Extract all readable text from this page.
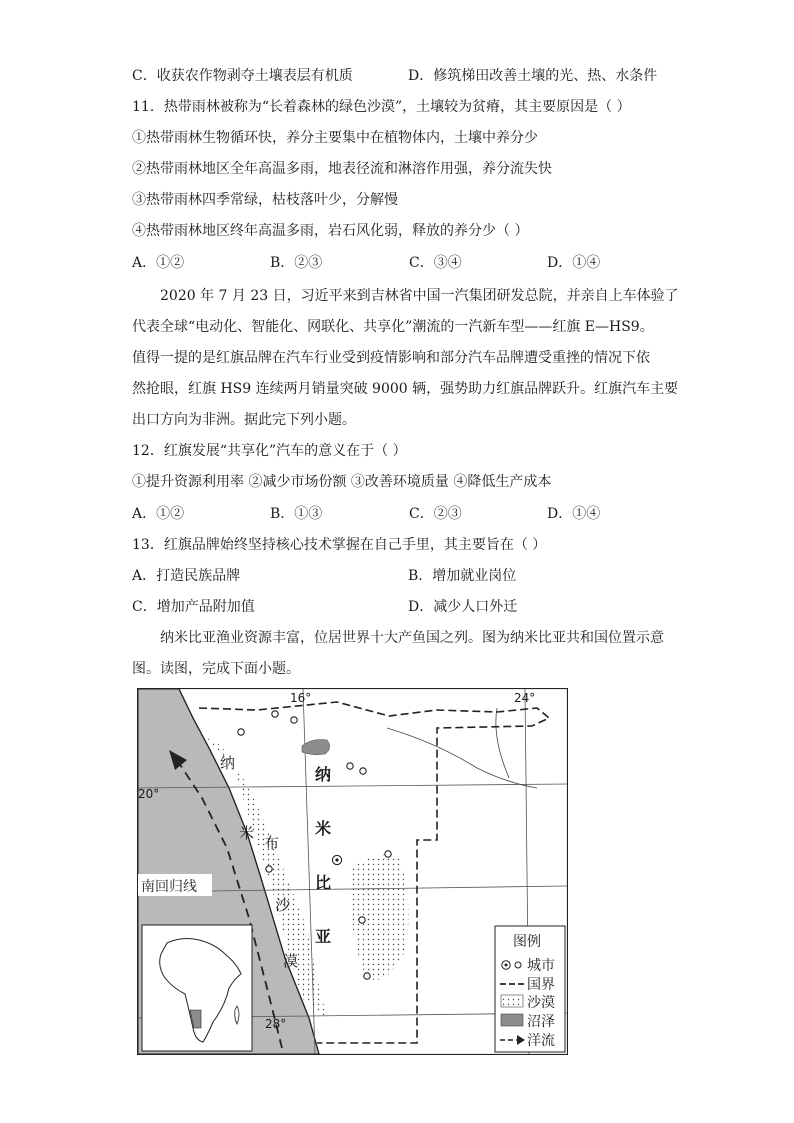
C．收获农作物剥夺土壤表层有机质	D．修筑梯田改善土壤的光、热、水条件
11．热带雨林被称为“长着森林的绿色沙漠”，土壤较为贫瘠，其主要原因是（ ）
①热带雨林生物循环快，养分主要集中在植物体内，土壤中养分少
②热带雨林地区全年高温多雨，地表径流和淋溶作用强，养分流失快
③热带雨林四季常绿，枯枝落叶少，分解慢
④热带雨林地区终年高温多雨，岩石风化弱，释放的养分少（ ）
A．①②	B．②③	C．③④	D．①④
2020 年 7 月 23 日，习近平来到吉林省中国一汽集团研发总院，并亲自上车体验了
代表全球“电动化、智能化、网联化、共享化”潮流的一汽新车型——红旗 E—HS9。
值得一提的是红旗品牌在汽车行业受到疫情影响和部分汽车品牌遭受重挫的情况下依
然抢眼，红旗 HS9 连续两月销量突破 9000 辆，强势助力红旗品牌跃升。红旗汽车主要
出口方向为非洲。据此完下列小题。
12．红旗发展“共享化”汽车的意义在于（ ）
①提升资源利用率 ②减少市场份额 ③改善环境质量 ④降低生产成本
A．①②	B．①③	C．②③	D．①④
13．红旗品牌始终坚持核心技术掌握在自己手里，其主要旨在（ ）
A．打造民族品牌	B．增加就业岗位
C．增加产品附加值	D．减少人口外迁
纳米比亚渔业资源丰富，位居世界十大产鱼国之列。图为纳米比亚共和国位置示意
图。读图，完成下面小题。
16°	24°
20°
28°
南回归线
纳
米
布
沙
漠
纳
米
比
亚	图例
城市
国界
沙漠
沼泽
洋流
